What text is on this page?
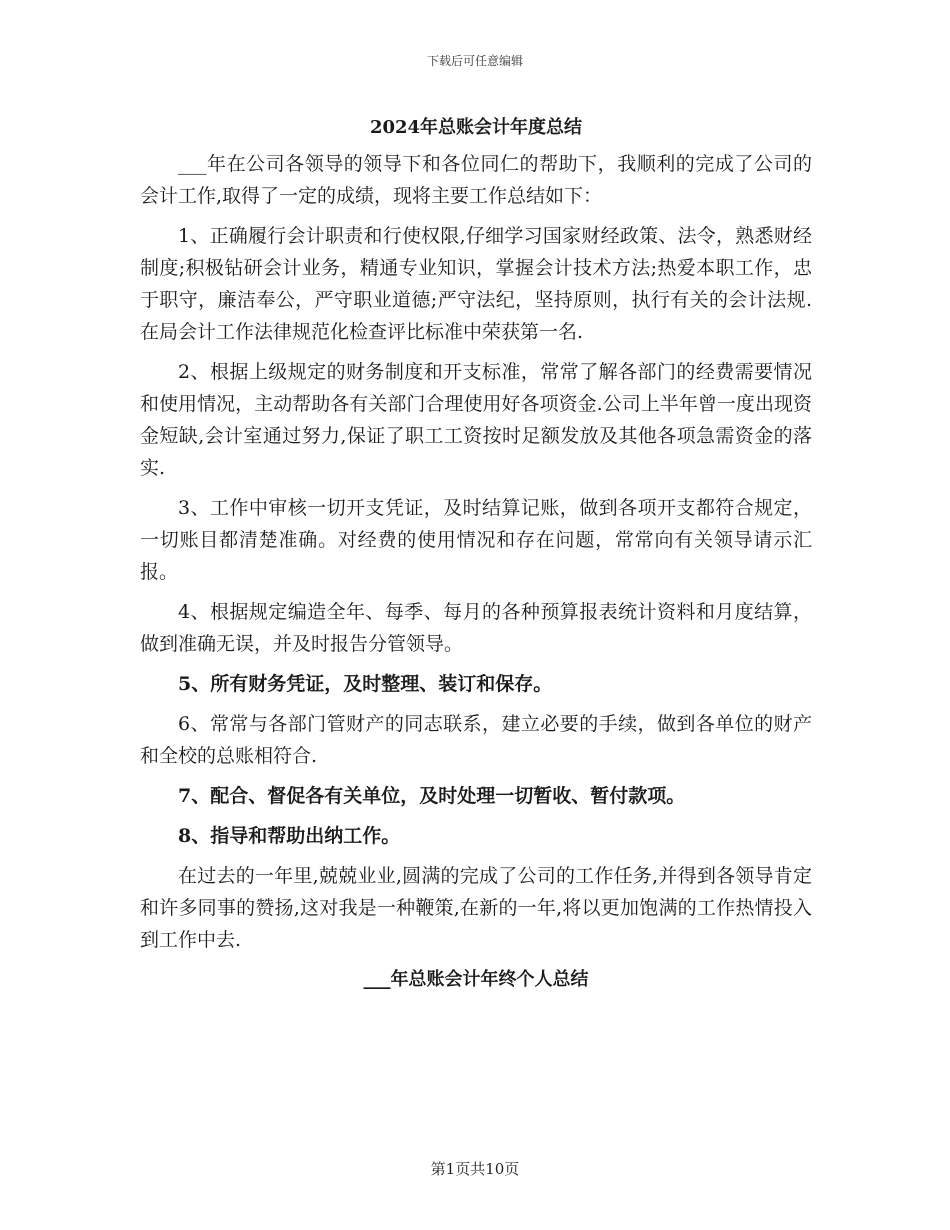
下载后可任意编辑
2024年总账会计年度总结

___年在公司各领导的领导下和各位同仁的帮助下，我顺利的完成了公司的会计工作,取得了一定的成绩，现将主要工作总结如下：

1、正确履行会计职责和行使权限,仔细学习国家财经政策、法令，熟悉财经制度;积极钻研会计业务，精通专业知识，掌握会计技术方法;热爱本职工作，忠于职守，廉洁奉公，严守职业道德;严守法纪，坚持原则，执行有关的会计法规.在局会计工作法律规范化检查评比标准中荣获第一名.

2、根据上级规定的财务制度和开支标准，常常了解各部门的经费需要情况和使用情况，主动帮助各有关部门合理使用好各项资金.公司上半年曾一度出现资金短缺,会计室通过努力,保证了职工工资按时足额发放及其他各项急需资金的落实.

3、工作中审核一切开支凭证，及时结算记账，做到各项开支都符合规定，一切账目都清楚准确。对经费的使用情况和存在问题，常常向有关领导请示汇报。

4、根据规定编造全年、每季、每月的各种预算报表统计资料和月度结算，做到准确无误，并及时报告分管领导。

5、所有财务凭证，及时整理、装订和保存。

6、常常与各部门管财产的同志联系，建立必要的手续，做到各单位的财产和全校的总账相符合.

7、配合、督促各有关单位，及时处理一切暂收、暂付款项。

8、指导和帮助出纳工作。

在过去的一年里,兢兢业业,圆满的完成了公司的工作任务,并得到各领导肯定和许多同事的赞扬,这对我是一种鞭策,在新的一年,将以更加饱满的工作热情投入到工作中去.

___年总账会计年终个人总结
第1页共10页
